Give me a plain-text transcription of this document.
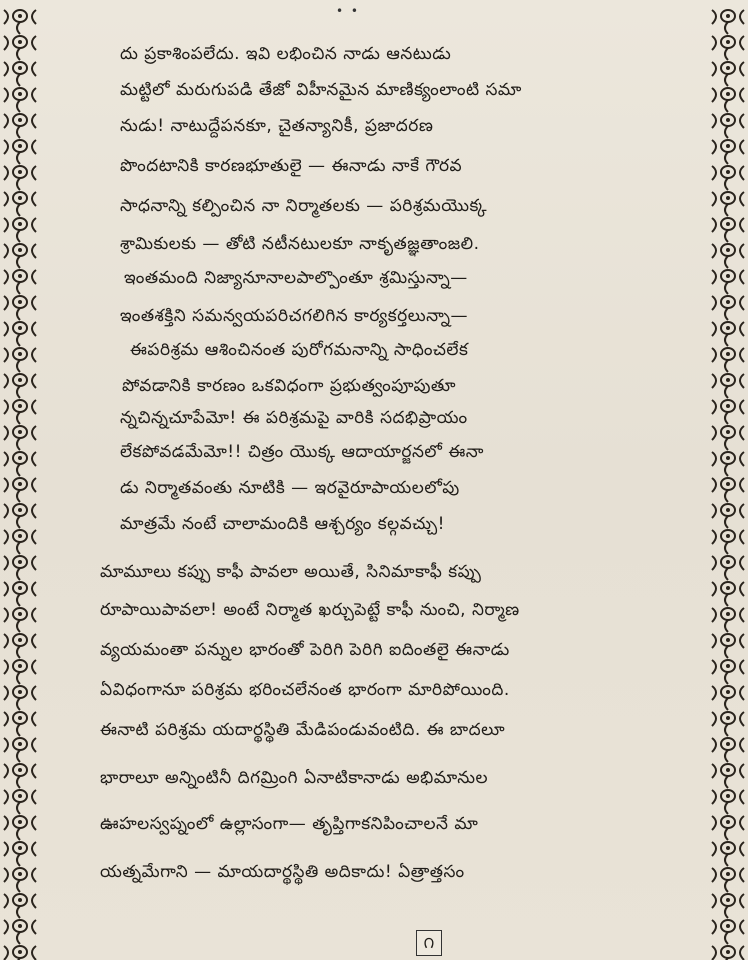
• •
దు ప్రకాశింపలేదు. ఇవి లభించిన నాడు ఆనటుడు
మట్టిలో మరుగుపడి తేజో విహీనమైన మాణిక్యంలాంటి సమా
నుడు! నాటుద్దేపనకూ, చైతన్యానికీ, ప్రజాదరణ
పొందటానికి కారణభూతులై — ఈనాడు నాకే గౌరవ
సాధనాన్ని కల్పించిన నా నిర్మాతలకు — పరిశ్రమయొక్క
శ్రామికులకు — తోటి నటీనటులకూ నాకృతజ్ఞతాంజలి.
ఇంతమంది నిజ్యానూనాలపాల్పొంతూ శ్రమిస్తున్నా—
ఇంతశక్తిని సమన్వయపరిచగలిగిన కార్యకర్తలున్నా—
ఈపరిశ్రమ ఆశించినంత పురోగమనాన్ని సాధించలేక
పోవడానికి కారణం ఒకవిధంగా ప్రభుత్వంపూపుతూ
న్నచిన్నచూపేమో! ఈ పరిశ్రమపై వారికి సదభిప్రాయం
లేకపోవడమేమో!! చిత్రం యొక్క ఆదాయార్జనలో ఈనా
డు నిర్మాతవంతు నూటికి — ఇరవైరూపాయలలోపు
మాత్రమే నంటే చాలామందికి ఆశ్చర్యం కల్గవచ్చు!
మామూలు కప్పు కాఫీ పావలా అయితే, సినిమాకాఫీ కప్పు
రూపాయిపావలా! అంటే నిర్మాత ఖర్చుపెట్టే కాఫీ నుంచి, నిర్మాణ
వ్యయమంతా పన్నుల భారంతో పెరిగి పెరిగి ఐదింతలై ఈనాడు
ఏవిధంగానూ పరిశ్రమ భరించలేనంత భారంగా మారిపోయింది.
ఈనాటి పరిశ్రమ యదార్థస్థితి మేడిపండువంటిది. ఈ బాదలూ
భారాలూ అన్నింటినీ దిగమ్రింగి ఏనాటికానాడు అభిమానుల
ఊహలస్వప్నంలో ఉల్లాసంగా— తృప్తిగాకనిపించాలనే మా
యత్నమేగాని — మాయదార్థస్థితి అదికాదు! ఏత్రాత్తసం
౧
